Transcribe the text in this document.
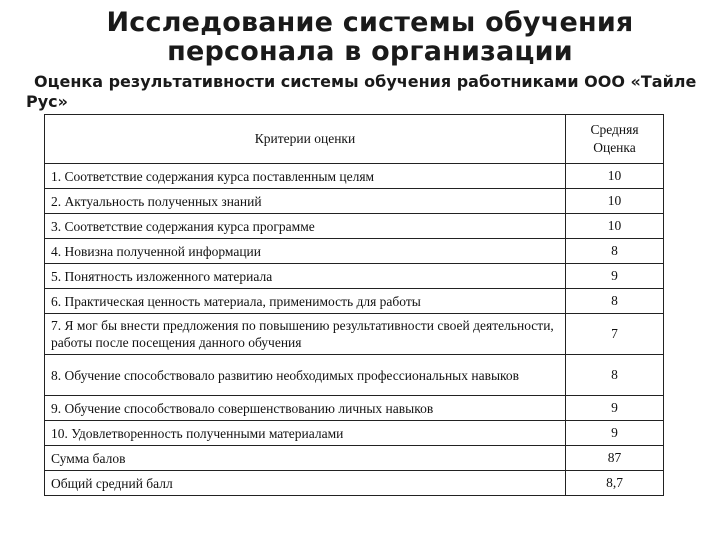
Исследование системы обучения
персонала в организации
Оценка результативности системы обучения работниками ООО «Тайле
Рус»
Критерии оценки	Средняя
Оценка
1. Соответствие содержания курса поставленным целям	10
2. Актуальность полученных знаний	10
3. Соответствие содержания курса программе	10
4. Новизна полученной информации	8
5. Понятность изложенного материала	9
6. Практическая ценность материала, применимость для работы	8
7. Я мог бы внести предложения по повышению результативности своей деятельности, работы после посещения данного обучения	7
8. Обучение способствовало развитию необходимых профессиональных навыков	8
9. Обучение способствовало совершенствованию личных навыков	9
10. Удовлетворенность полученными материалами	9
Сумма балов	87
Общий средний балл	8,7
